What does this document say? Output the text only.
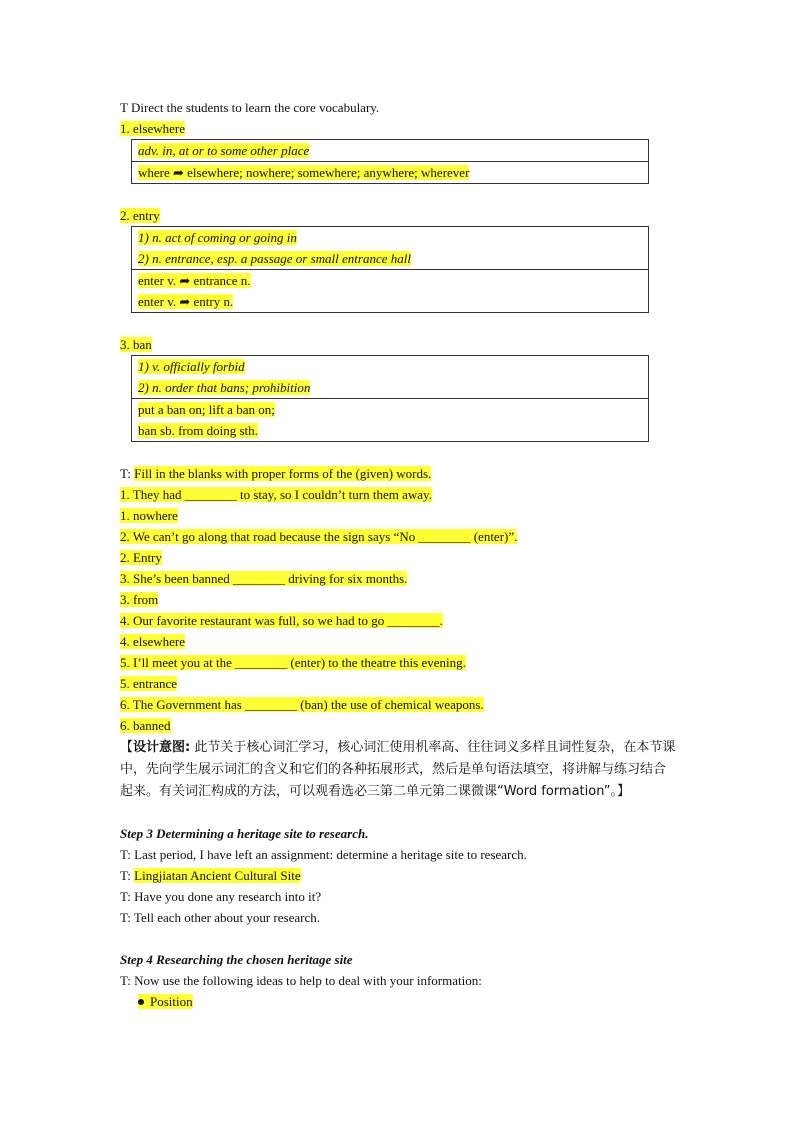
T Direct the students to learn the core vocabulary.
1. elsewhere
adv. in, at or to some other place
where ➦ elsewhere; nowhere; somewhere; anywhere; wherever
2. entry
1) n. act of coming or going in
2) n. entrance, esp. a passage or small entrance hall
enter v. ➦ entrance n.
enter v. ➦ entry n.
3. ban
1) v. officially forbid
2) n. order that bans; prohibition
put a ban on; lift a ban on;
ban sb. from doing sth.
T: Fill in the blanks with proper forms of the (given) words.
1. They had ________ to stay, so I couldn’t turn them away.
1. nowhere
2. We can’t go along that road because the sign says “No ________ (enter)”.
2. Entry
3. She’s been banned ________ driving for six months.
3. from
4. Our favorite restaurant was full, so we had to go ________.
4. elsewhere
5. I’ll meet you at the ________ (enter) to the theatre this evening.
5. entrance
6. The Government has ________ (ban) the use of chemical weapons.
6. banned
【设计意图: 此节关于核心词汇学习，核心词汇使用机率高、往往词义多样且词性复杂，在本节课中，先向学生展示词汇的含义和它们的各种拓展形式，然后是单句语法填空，将讲解与练习结合起来。有关词汇构成的方法，可以观看选必三第二单元第二课微课“Word formation”。】
Step 3 Determining a heritage site to research.
T: Last period, I have left an assignment: determine a heritage site to research.
T: Lingjiatan Ancient Cultural Site
T: Have you done any research into it?
T: Tell each other about your research.
Step 4 Researching the chosen heritage site
T: Now use the following ideas to help to deal with your information:
Position
